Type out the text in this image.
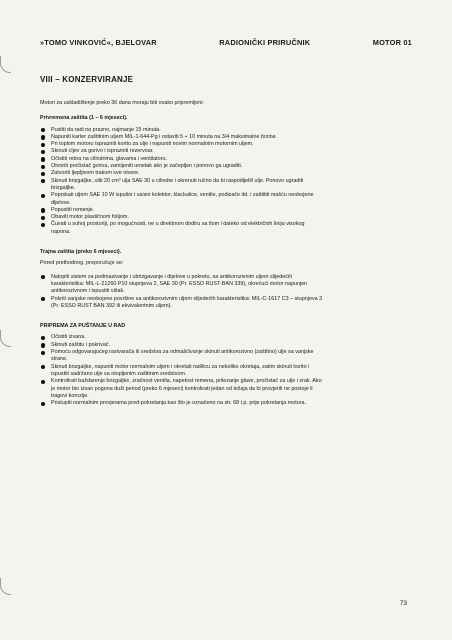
»TOMO VINKOVIĆ«, BJELOVAR	RADIONIČKI PRIRUČNIK	MOTOR 01
VIII – KONZERVIRANJE

Motori za uskladištenje preko 30 dana moraju biti ovako pripremljeni:

Privremena zaštita (1 – 6 mjeseci).

Pustiti da radi na prazno, najmanje 15 minuta.
Napuniti karter zaštitnim uljem MIL-1-644-Pg i ostaviti 5 ÷ 10 minuta na 3/4 maksimalne brzine.
Pri toplom motoru isprazniti korito za ulje i napuniti novim normalnim motornim uljem.
Skinuti cijev za gorivo i isprazniti rezervoar.
Očistiti rebra na cilindrima, glavama i ventilatoru.
Otvoriti pročistač goriva, zamijeniti umetak ako je začepljen i ponovo ga ugraditi.
Zatvoriti ljepljivom trakom sve otvore.
Skinuti brizgaljke, uliti 20 cm³ ulja SAE 30 u cilindre i okrenuti ručno da bi raspodijelili ulje. Ponovo ugraditi brizgaljke.
Poprskati uljem SAE 10 W ispušni i usisni kolektor, klackalice, ventile, podizače itd. i zaštititi mašću neobojene dijelove.
Popustiti remenje.
Obaviti motor plastičnom folijom.
Čuvati u suhoj prostoriji, po mogućnosti, ne u direktnom dodiru sa tlom i daleko od električnih linija visokog napona.

Trajna zaštita (preko 6 mjeseci).

Pored prethodnog, preporučuje se:

Natopiti sistem za podmazivanje i ubrizgavanje i dijelove u pokretu, sa antikorozivnim uljem slijedećih karakteristika: MIL-L-21260 P10 stupnjeva 2, SAE 30 (Pr. ESSO RUST-BAN 339), okrećući motor napunjen antikorozivnom i ispustiti višak.
Pokriti vanjske neobojene površine sa antikorozivnim uljem slijedećih karakteristika: MIL-C-1617 C3 – stupnjeva 3 (Pr. ESSO RUST BAN 392 ili ekvivalentnim uljem).

PRIPREMA ZA PUŠTANJE U RAD

Očistiti izvana.
Skinuti zaštitu i pokrivač.
Pomoću odgovarajućeg rastvarača ili sredstva za odmašćivanje skinuti antikorozivno (zaštitno) ulje sa vanjske strane.
Skinuti brizgaljke, napuniti motor normalnim uljem i okretati radilicu za nekoliko okretaja, zatim skinuti korito i ispustiti sadržano ulje sa otopljenim zaštitnim sredstvom.
Kontrolirati baždarenje brizgaljke, zračnost ventila, napetost remena, prilezanje glave, pročistač za ulje i zrak. Ako je motor bio izvan pogona duži period (preko 6 mjeseci) kontrolirati jedan od ležaja da bi provjerili ne postoje li tragovi korozije.
Pristupiti normalnim provjerama pred-pokretanja kao što je označeno na str. 68 i.p. prije pokretanja motora.
73
